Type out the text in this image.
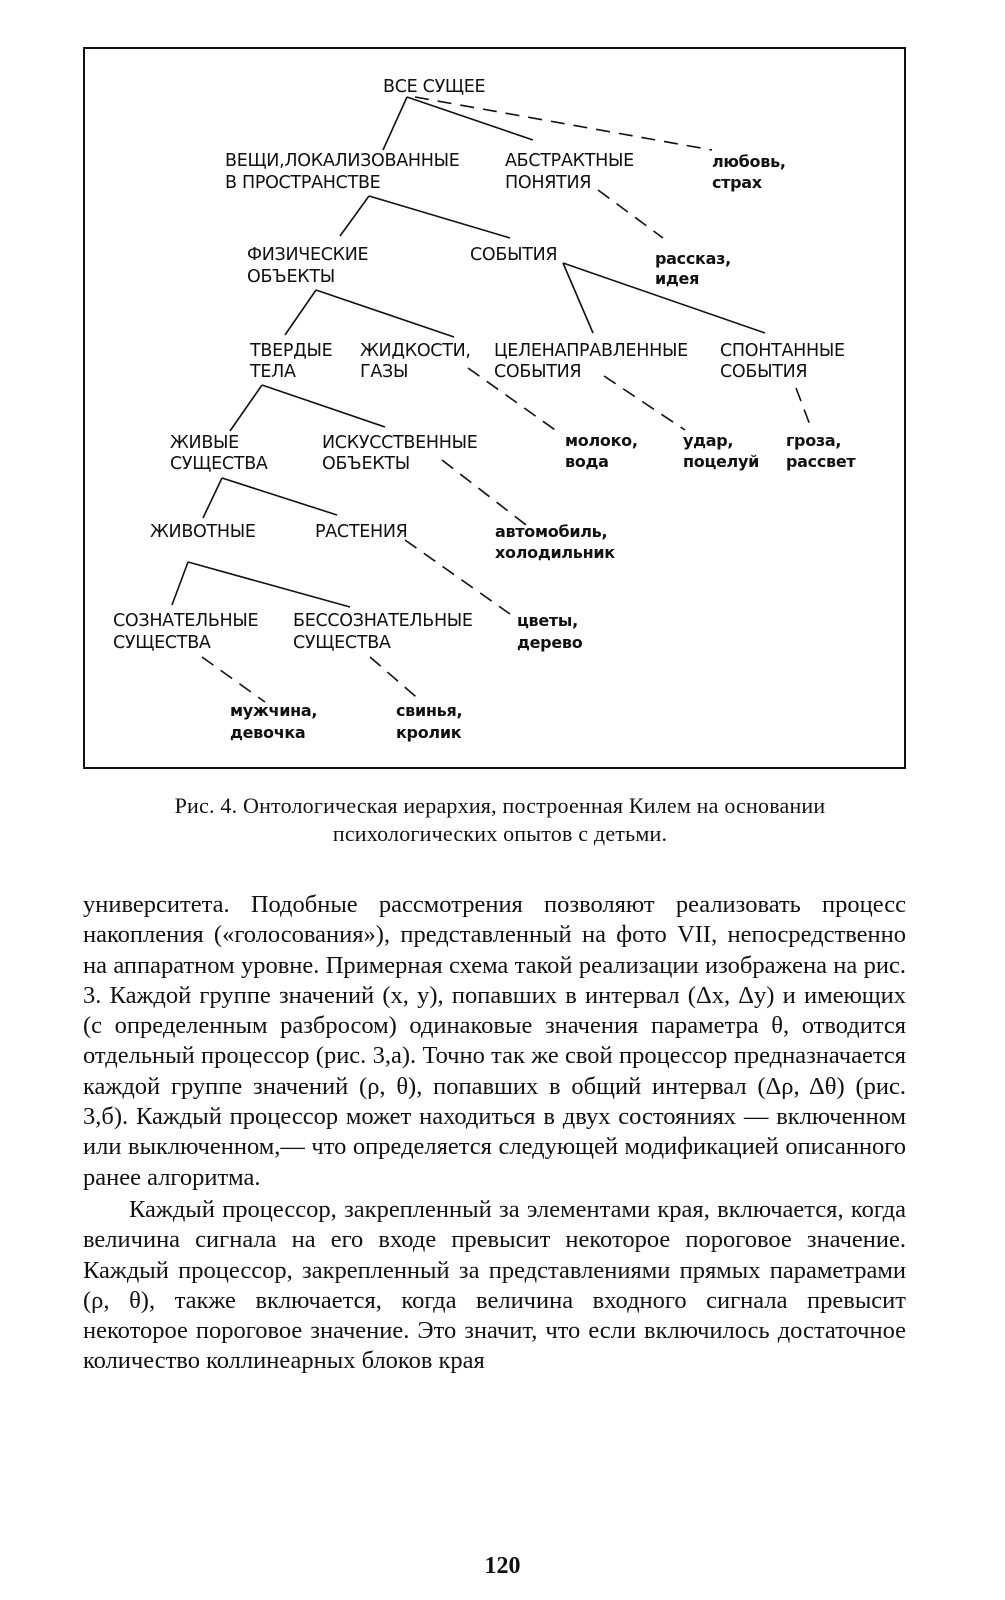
ВСЕ СУЩЕЕ
ВЕЩИ,ЛОКАЛИЗОВАННЫЕ
В ПРОСТРАНСТВЕ
АБСТРАКТНЫЕ
ПОНЯТИЯ
ФИЗИЧЕСКИЕ
ОБЪЕКТЫ
СОБЫТИЯ
ТВЕРДЫЕ
ТЕЛА
ЖИДКОСТИ,
ГАЗЫ
ЦЕЛЕНАПРАВЛЕННЫЕ
СОБЫТИЯ
СПОНТАННЫЕ
СОБЫТИЯ
ЖИВЫЕ
СУЩЕСТВА
ИСКУССТВЕННЫЕ
ОБЪЕКТЫ
ЖИВОТНЫЕ	РАСТЕНИЯ
СОЗНАТЕЛЬНЫЕ
СУЩЕСТВА
БЕССОЗНАТЕЛЬНЫЕ
СУЩЕСТВА
любовь,
страх
рассказ,
идея
молоко,
вода
удар,
поцелуй
гроза,
рассвет
автомобиль,
холодильник
цветы,
дерево
мужчина,
девочка
свинья,
кролик
Рис. 4. Онтологическая иерархия, построенная Килем на основании
психологических опытов с детьми.

университета. Подобные рассмотрения позволяют реализовать процесс накопления («голосования»), представленный на фото VII, непосредственно на аппаратном уровне. Примерная схема такой реализации изображена на рис. 3. Каждой группе значений (x, y), попавших в интервал (Δx, Δy) и имеющих (с определенным разбросом) одинаковые значения параметра θ, отводится отдельный процессор (рис. 3,a). Точно так же свой процессор предназначается каждой группе значений (ρ, θ), попавших в общий интервал (Δρ, Δθ) (рис. 3,б). Каждый процессор может находиться в двух состояниях — включенном или выключенном,— что определяется следующей модификацией описанного ранее алгоритма.

Каждый процессор, закрепленный за элементами края, включается, когда величина сигнала на его входе превысит некоторое пороговое значение. Каждый процессор, закрепленный за представлениями прямых параметрами (ρ, θ), также включается, когда величина входного сигнала превысит некоторое пороговое значение. Это значит, что если включилось достаточное количество коллинеарных блоков края

120
